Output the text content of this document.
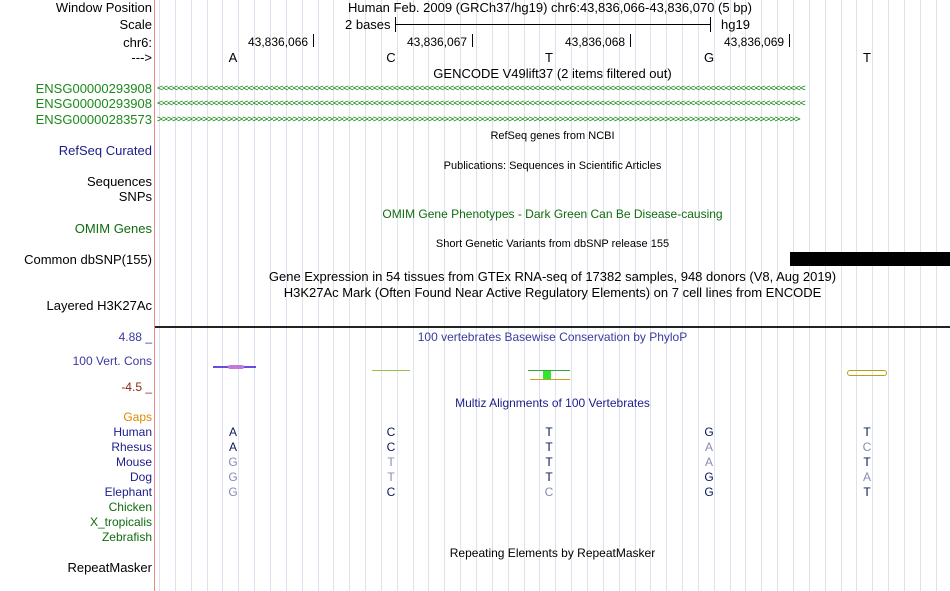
Window Position
Scale
chr6:
--->
Human Feb. 2009 (GRCh37/hg19) chr6:43,836,066-43,836,070 (5 bp)
2 bases	hg19
43,836,066	43,836,067	43,836,068	43,836,069
A	C	T	G	T
GENCODE V49lift37 (2 items filtered out)
ENSG00000293908 <<<<<<<<<<<<<<<<<<<<<<<<<<<<<<<<<<<<<<<<<<<<<<<<<<<<<<<<<<<<<<<<<<<<<<<<<<<<<<<<<<<<<<<<<<<<<<<<<<<<<<<<<<<<<<<<<<<<<<<<<<<<<<<<<
ENSG00000293908 <<<<<<<<<<<<<<<<<<<<<<<<<<<<<<<<<<<<<<<<<<<<<<<<<<<<<<<<<<<<<<<<<<<<<<<<<<<<<<<<<<<<<<<<<<<<<<<<<<<<<<<<<<<<<<<<<<<<<<<<<<<<<<<<<
ENSG00000283573 >>>>>>>>>>>>>>>>>>>>>>>>>>>>>>>>>>>>>>>>>>>>>>>>>>>>>>>>>>>>>>>>>>>>>>>>>>>>>>>>>>>>>>>>>>>>>>>>>>>>>>>>>>>>>>>>>>>>>>>>>>>>>>>>
RefSeq genes from NCBI
RefSeq Curated
Publications: Sequences in Scientific Articles
Sequences
SNPs
OMIM Gene Phenotypes - Dark Green Can Be Disease-causing
OMIM Genes
Short Genetic Variants from dbSNP release 155
Common dbSNP(155)
Gene Expression in 54 tissues from GTEx RNA-seq of 17382 samples, 948 donors (V8, Aug 2019)
H3K27Ac Mark (Often Found Near Active Regulatory Elements) on 7 cell lines from ENCODE
Layered H3K27Ac
100 vertebrates Basewise Conservation by PhyloP
4.88 _
100 Vert. Cons
-4.5 _
Multiz Alignments of 100 Vertebrates
Gaps
Human	A	C	T	G	T
Rhesus	A	C	T	A	C
Mouse	G	T	T	A	T
Dog	G	T	T	G	A
Elephant	G	C	C	G	T
Chicken
X_tropicalis
Zebrafish
Repeating Elements by RepeatMasker
RepeatMasker
